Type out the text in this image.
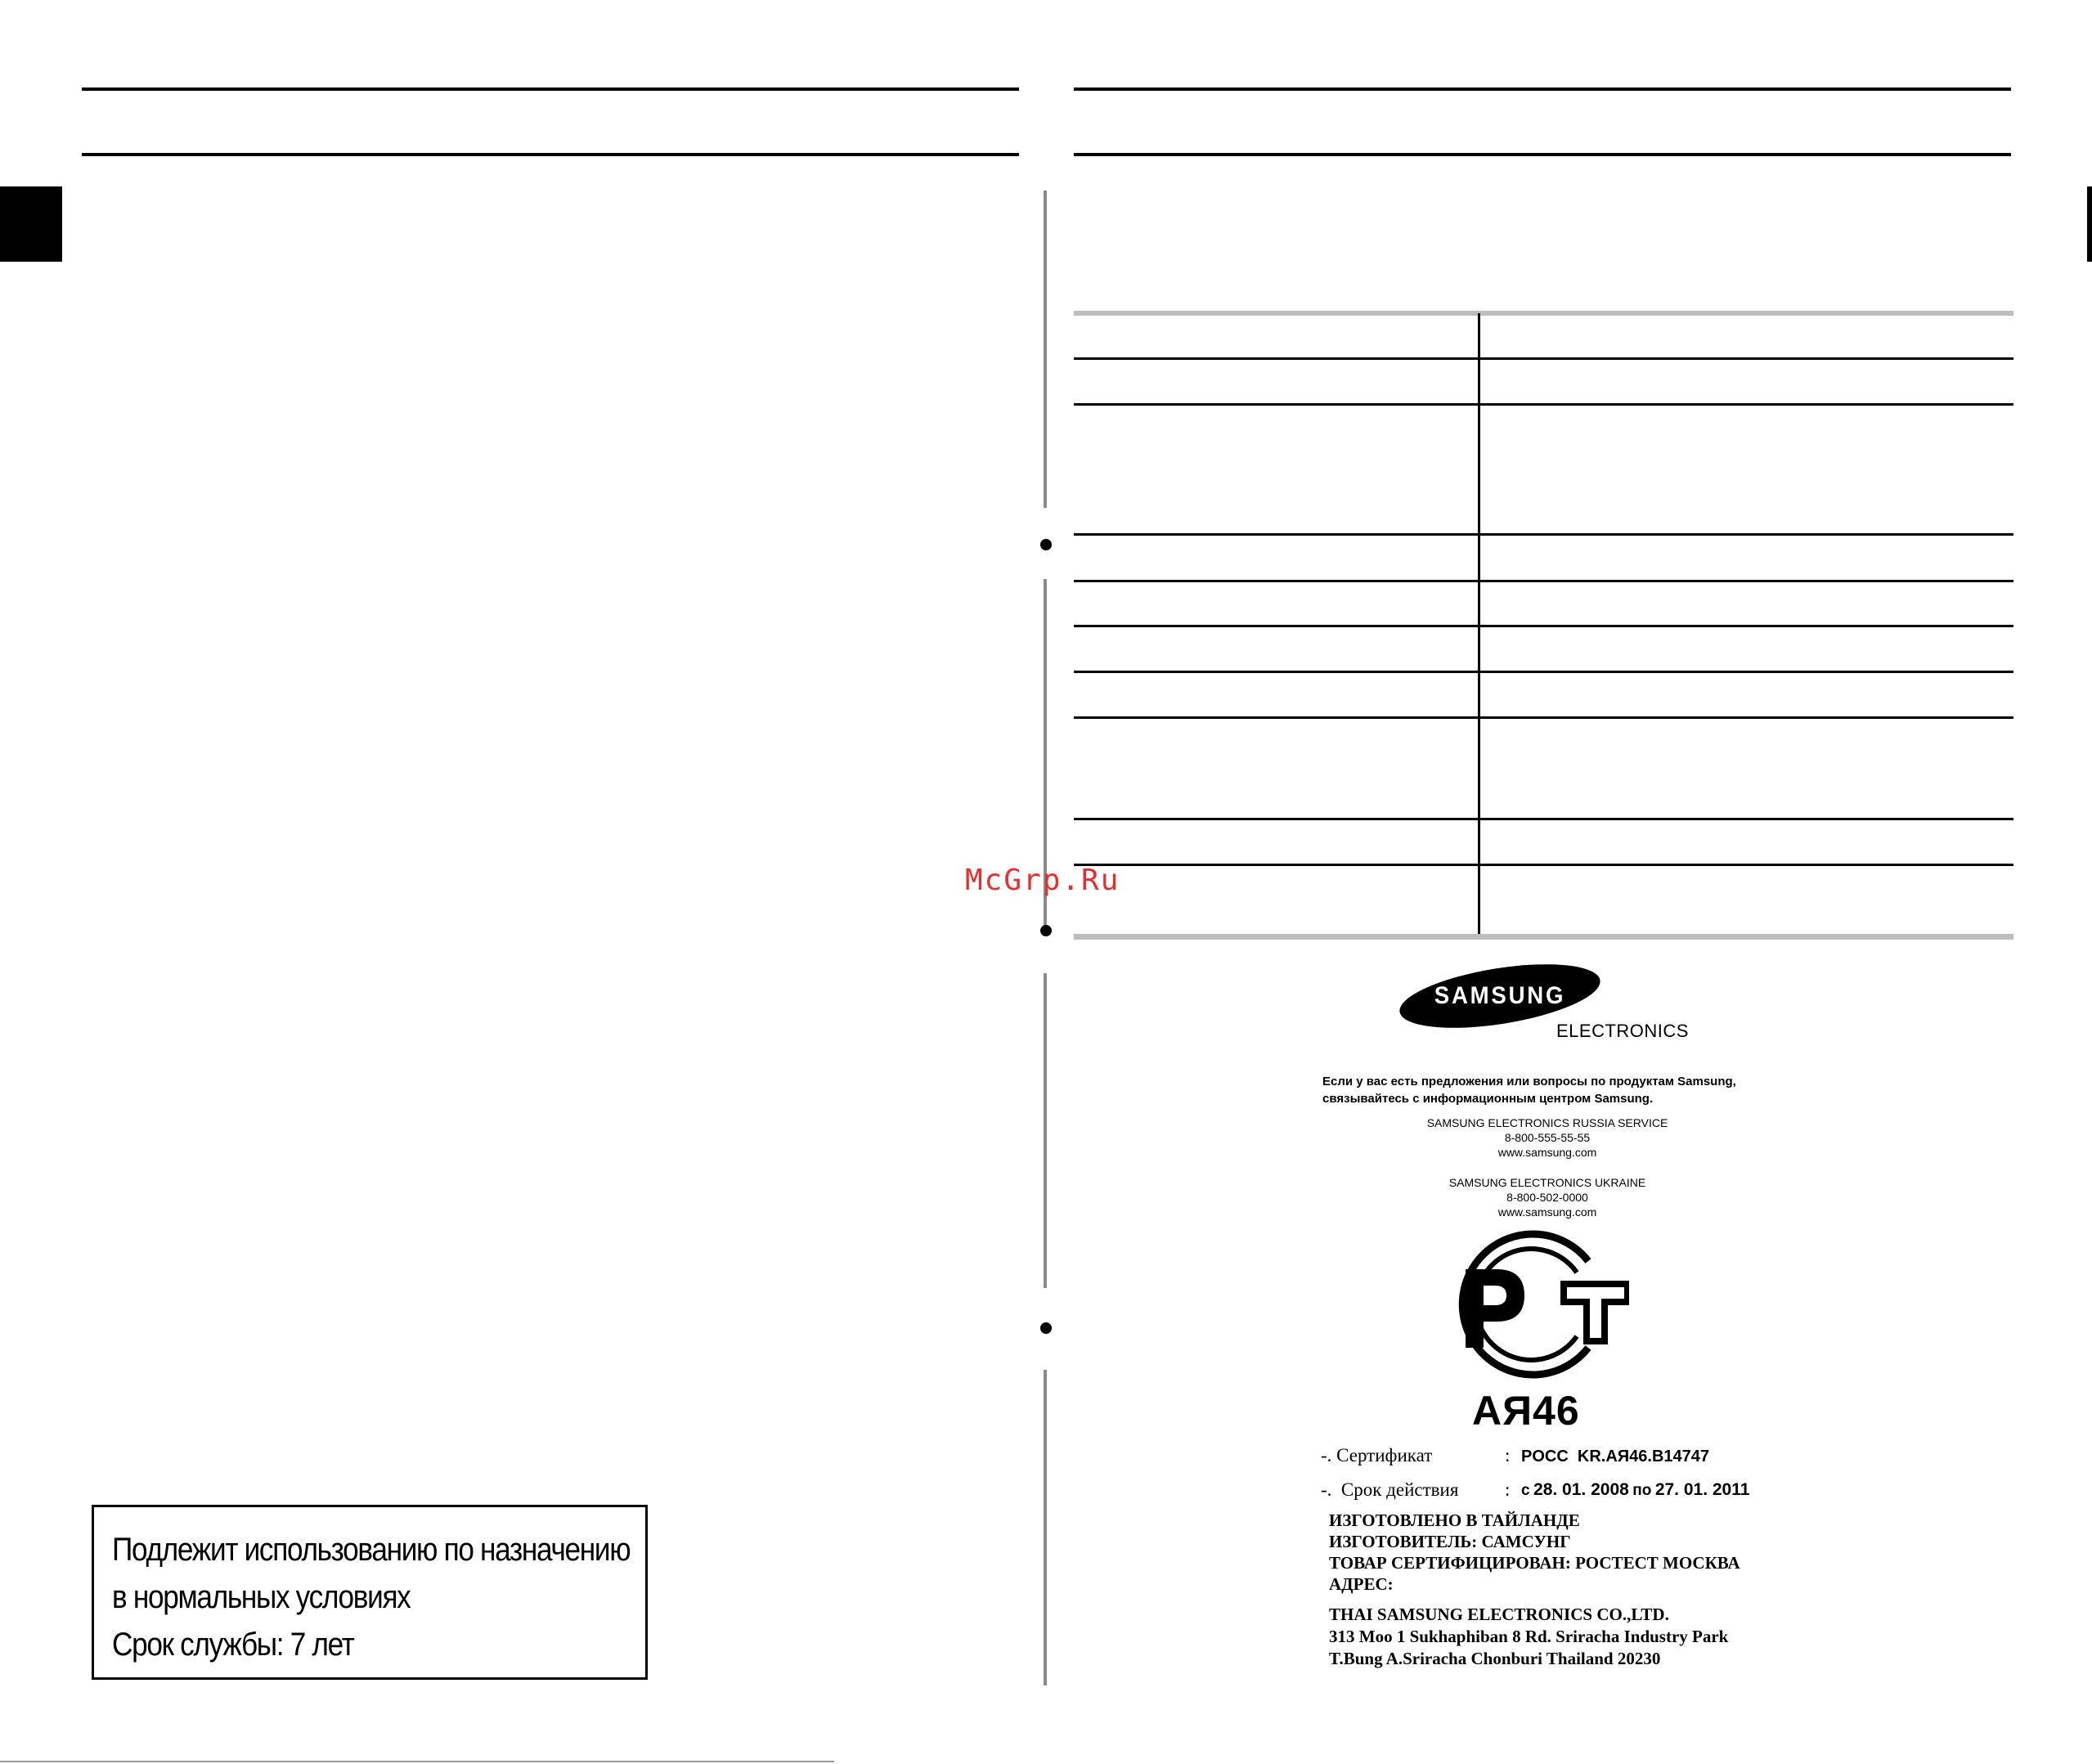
McGrp.Ru
Подлежит использованию по назначению
в нормальных условиях
Срок службы: 7 лет
SAMSUNG
ELECTRONICS
Если у вас есть предложения или вопросы по продуктам Samsung,
связывайтесь с информационным центром Samsung.
SAMSUNG ELECTRONICS RUSSIA SERVICE
8-800-555-55-55
www.samsung.com
SAMSUNG ELECTRONICS UKRAINE
8-800-502-0000
www.samsung.com
АЯ46
-. Сертификат	: POCC  KR.АЯ46.B14747
-.  Срок действия : с 28. 01. 2008 по 27. 01. 2011
ИЗГОТОВЛЕНО В ТАЙЛАНДЕ
ИЗГОТОВИТЕЛЬ: САМСУНГ
ТОВАР СЕРТИФИЦИРОВАН: РОСТЕСТ МОСКВА
АДРЕС:
THAI SAMSUNG ELECTRONICS CO.,LTD.
313 Moo 1 Sukhaphiban 8 Rd. Sriracha Industry Park
T.Bung A.Sriracha Chonburi Thailand 20230
